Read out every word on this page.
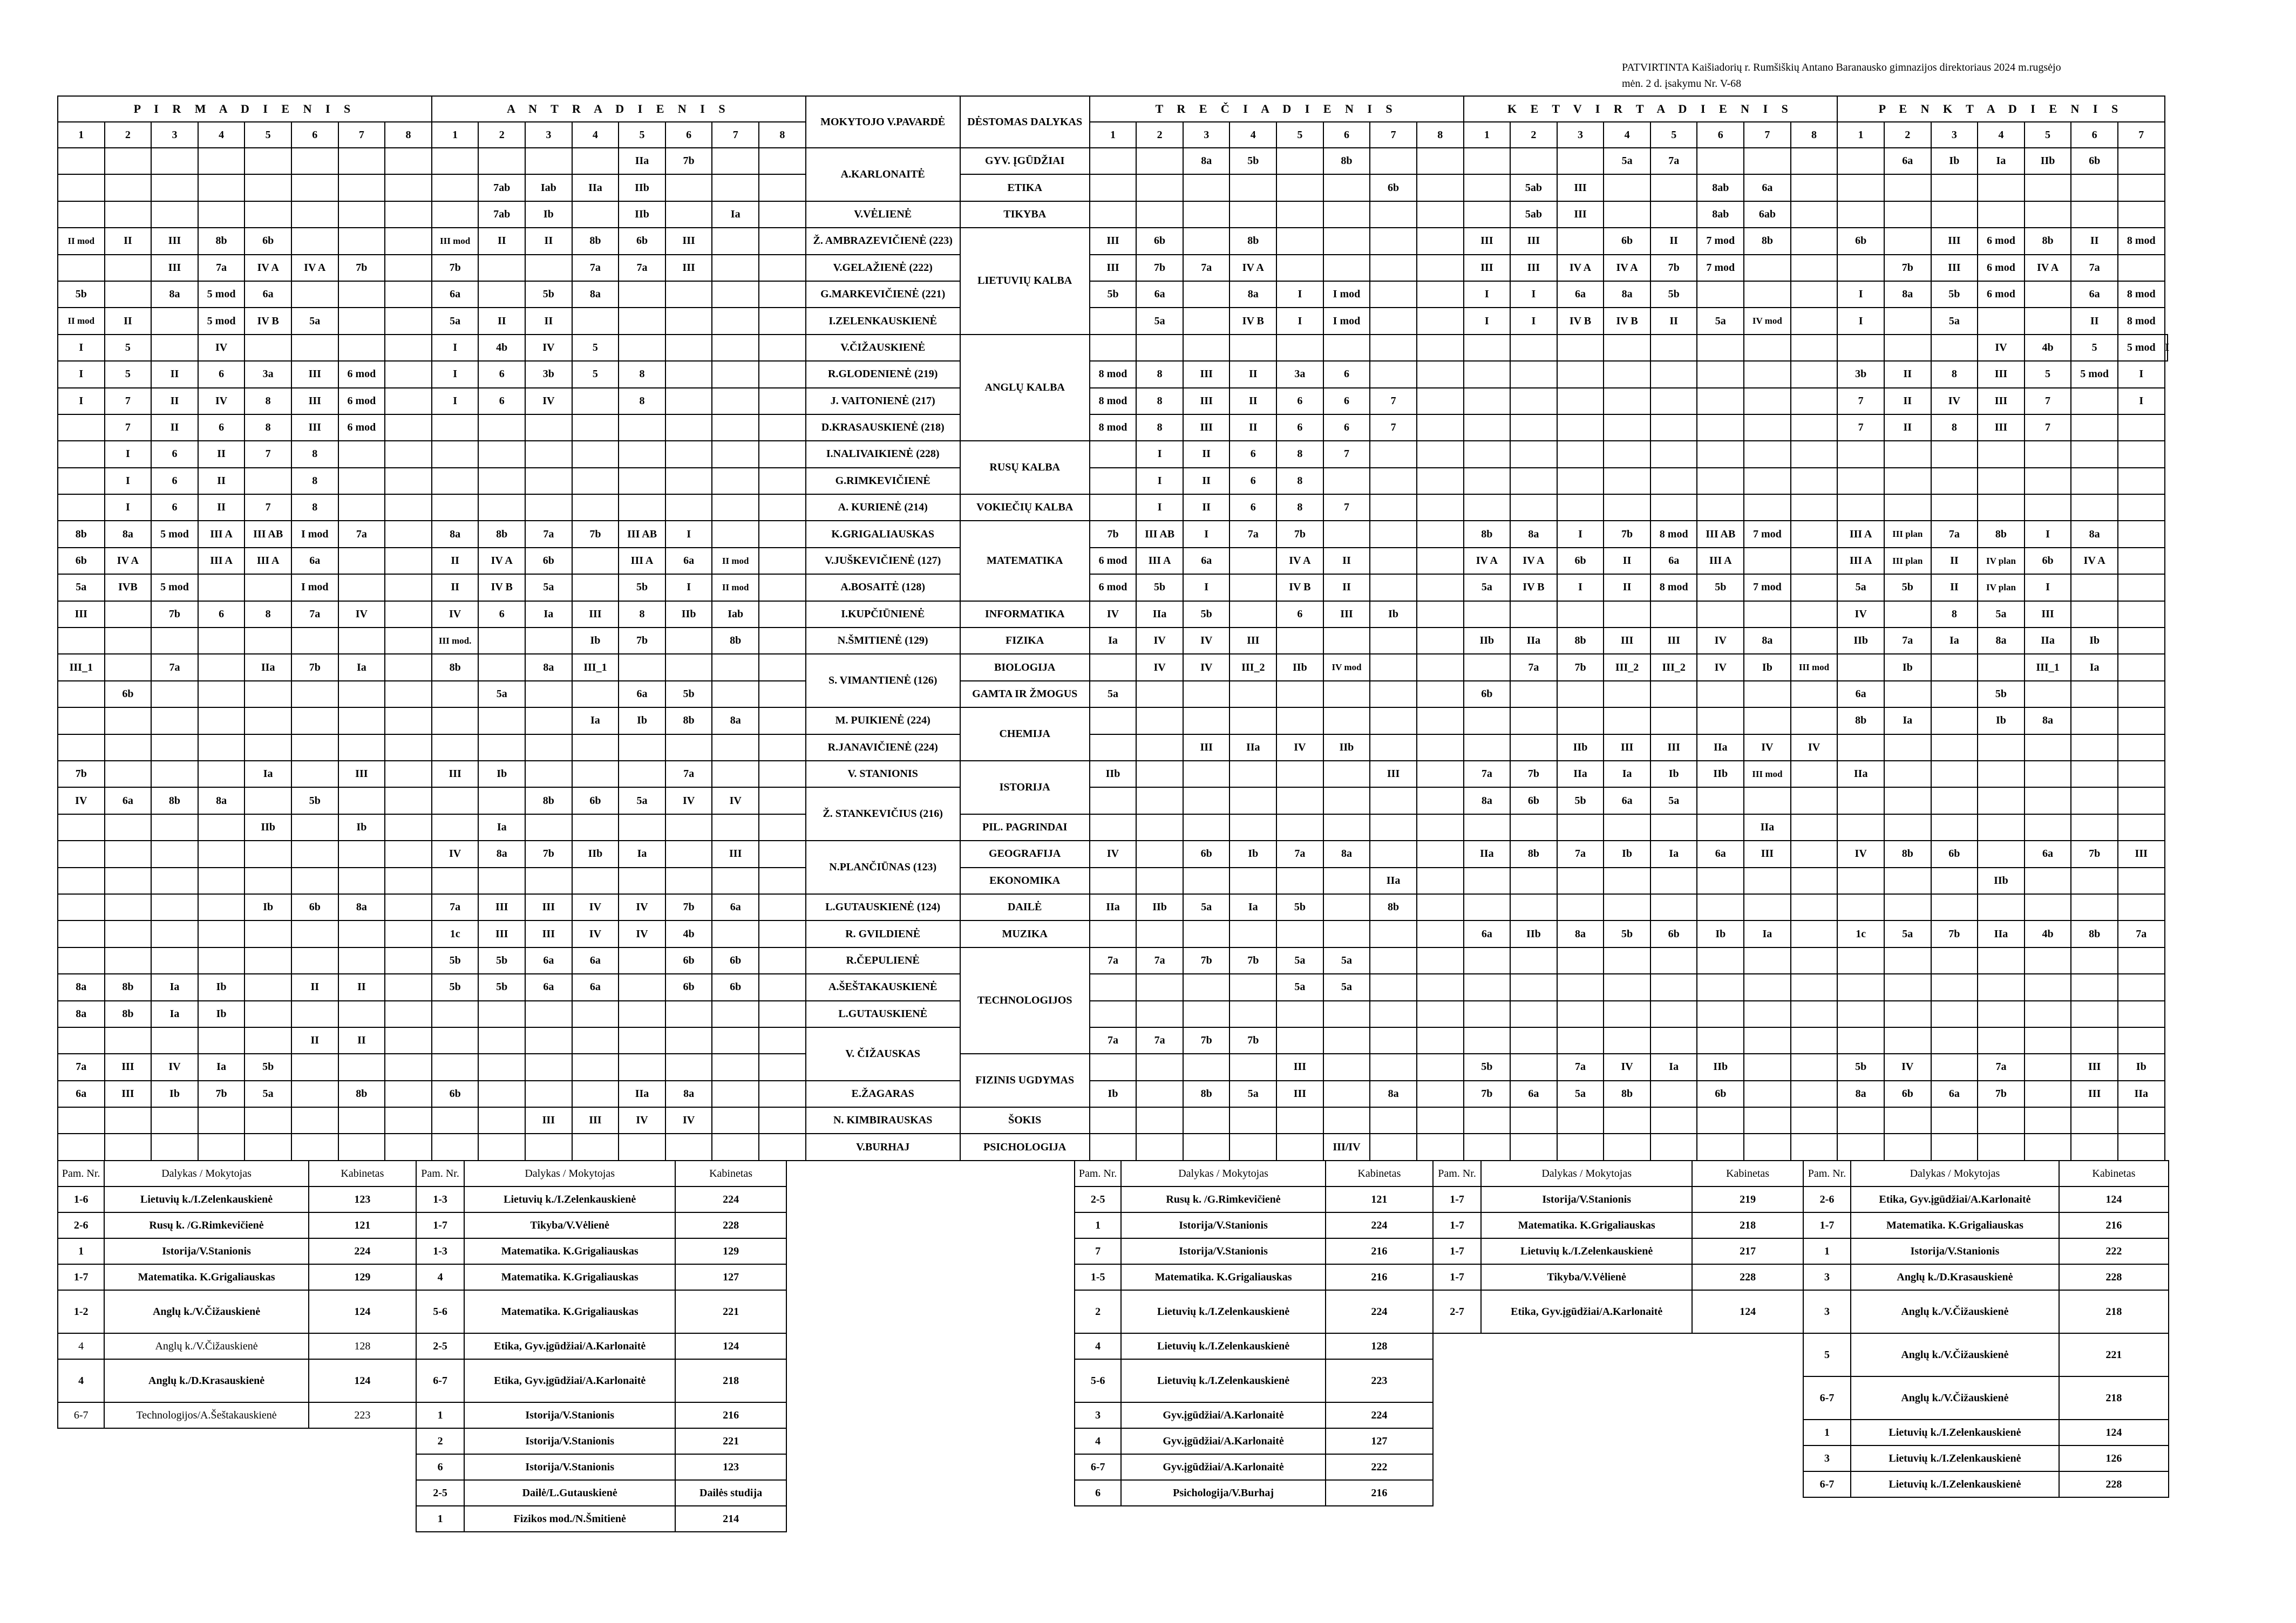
PATVIRTINTA Kaišiadorių r. Rumšiškių Antano Baranausko gimnazijos direktoriaus 2024 m.rugsėjo
mėn. 2 d. įsakymu Nr. V-68
P I R M A D I E N I S								A N T R A D I E N I S								MOKYTOJO V.PAVARDĖ	DĖSTOMAS DALYKAS	T R E Č I A D I E N I S								K E T V I R T A D I E N I S								P E N K T A D I E N I S							
1	2	3	4	5	6	7	8	1	2	3	4	5	6	7	8			1	2	3	4	5	6	7	8	1	2	3	4	5	6	7	8	1	2	3	4	5	6	7	
												IIa	7b			A.KARLONAITĖ	GYV. ĮGŪDŽIAI			8a	5b		8b						5a	7a					6a	Ib	Ia	IIb	6b		
									7ab	Iab	IIa	IIb					ETIKA							6b			5ab	III			8ab	6a									
									7ab	Ib		IIb		Ia		V.VĖLIENĖ	TIKYBA										5ab	III			8ab	6ab									
II mod	II	III	8b	6b				III mod	II	II	8b	6b	III			Ž. AMBRAZEVIČIENĖ (223)	LIETUVIŲ KALBA	III	6b		8b					III	III		6b	II	7 mod	8b		6b		III	6 mod	8b	II	8 mod	
		III	7a	IV A	IV A	7b		7b			7a	7a	III			V.GELAŽIENĖ (222)		III	7b	7a	IV A					III	III	IV A	IV A	7b	7 mod				7b	III	6 mod	IV A	7a		
5b		8a	5 mod	6a				6a		5b	8a					G.MARKEVIČIENĖ (221)		5b	6a		8a	I	I mod			I	I	6a	8a	5b				I	8a	5b	6 mod		6a	8 mod	
II mod	II		5 mod	IV B	5a			5a	II	II						I.ZELENKAUSKIENĖ			5a		IV B	I	I mod			I	I	IV B	IV B	II	5a	IV mod		I		5a			II	8 mod	
I	5		IV					I	4b	IV	5					V.ČIŽAUSKIENĖ	ANGLŲ KALBA																				IV	4b	5	5 mod	I
I	5	II	6	3a	III	6 mod		I	6	3b	5	8				R.GLODENIENĖ (219)		8 mod	8	III	II	3a	6											3b	II	8	III	5	5 mod	I	
I	7	II	IV	8	III	6 mod		I	6	IV		8				J. VAITONIENĖ (217)		8 mod	8	III	II	6	6	7										7	II	IV	III	7		I	
	7	II	6	8	III	6 mod										D.KRASAUSKIENĖ (218)		8 mod	8	III	II	6	6	7										7	II	8	III	7			
	I	6	II	7	8											I.NALIVAIKIENĖ (228)	RUSŲ KALBA		I	II	6	8	7																		
	I	6	II		8											G.RIMKEVIČIENĖ			I	II	6	8																			
	I	6	II	7	8											A. KURIENĖ (214)	VOKIEČIŲ KALBA		I	II	6	8	7																		
8b	8a	5 mod	III A	III AB	I mod	7a		8a	8b	7a	7b	III AB	I			K.GRIGALIAUSKAS	MATEMATIKA	7b	III AB	I	7a	7b				8b	8a	I	7b	8 mod	III AB	7 mod		III A	III plan	7a	8b	I	8a		
6b	IV A		III A	III A	6a			II	IV A	6b		III A	6a	II mod		V.JUŠKEVIČIENĖ (127)		6 mod	III A	6a		IV A	II			IV A	IV A	6b	II	6a	III A			III A	III plan	II	IV plan	6b	IV A		
5a	IVB	5 mod			I mod			II	IV B	5a		5b	I	II mod		A.BOSAITĖ (128)		6 mod	5b	I		IV B	II			5a	IV B	I	II	8 mod	5b	7 mod		5a	5b	II	IV plan	I			
III		7b	6	8	7a	IV		IV	6	Ia	III	8	IIb	Iab		I.KUPČIŪNIENĖ	INFORMATIKA	IV	IIa	5b		6	III	Ib										IV		8	5a	III			
								III mod.			Ib	7b		8b		N.ŠMITIENĖ (129)	FIZIKA	Ia	IV	IV	III					IIb	IIa	8b	III	III	IV	8a		IIb	7a	Ia	8a	IIa	Ib		
III_1		7a		IIa	7b	Ia		8b		8a	III_1					S. VIMANTIENĖ (126)	BIOLOGIJA		IV	IV	III_2	IIb	IV mod				7a	7b	III_2	III_2	IV	Ib	III mod		Ib			III_1	Ia		
	6b								5a			6a	5b				GAMTA IR ŽMOGUS	5a								6b								6a			5b				
											Ia	Ib	8b	8a		M. PUIKIENĖ (224)	CHEMIJA																	8b	Ia		Ib	8a			
																R.JANAVIČIENĖ (224)				III	IIa	IV	IIb					IIb	III	III	IIa	IV	IV								
7b				Ia		III		III	Ib				7a			V. STANIONIS	ISTORIJA	IIb						III		7a	7b	IIa	Ia	Ib	IIb	III mod		IIa							
IV	6a	8b	8a		5b					8b	6b	5a	IV	IV		Ž. STANKEVIČIUS (216)										8a	6b	5b	6a	5a											
				IIb		Ib			Ia								PIL. PAGRINDAI															IIa									
								IV	8a	7b	IIb	Ia		III		N.PLANČIŪNAS (123)	GEOGRAFIJA	IV		6b	Ib	7a	8a			IIa	8b	7a	Ib	Ia	6a	III		IV	8b	6b		6a	7b	III	
																	EKONOMIKA							IIa													IIb				
				Ib	6b	8a		7a	III	III	IV	IV	7b	6a		L.GUTAUSKIENĖ (124)	DAILĖ	IIa	IIb	5a	Ia	5b		8b																	
								1c	III	III	IV	IV	4b			R. GVILDIENĖ	MUZIKA									6a	IIb	8a	5b	6b	Ib	Ia		1c	5a	7b	IIa	4b	8b	7a	
								5b	5b	6a	6a		6b	6b		R.ČEPULIENĖ	TECHNOLOGIJOS	7a	7a	7b	7b	5a	5a																		
8a	8b	Ia	Ib		II	II		5b	5b	6a	6a		6b	6b		A.ŠEŠTAKAUSKIENĖ						5a	5a																		
8a	8b	Ia	Ib													L.GUTAUSKIENĖ																									
					II	II										V. ČIŽAUSKAS		7a	7a	7b	7b																				
7a	III	IV	Ia	5b													FIZINIS UGDYMAS					III				5b		7a	IV	Ia	IIb			5b	IV		7a		III	Ib	
6a	III	Ib	7b	5a		8b		6b				IIa	8a			E.ŽAGARAS		Ib		8b	5a	III		8a		7b	6a	5a	8b		6b			8a	6b	6a	7b		III	IIa	
										III	III	IV	IV			N. KIMBIRAUSKAS	ŠOKIS																								
																V.BURHAJ	PSICHOLOGIJA						III/IV																		
Pam. Nr.	Dalykas / Mokytojas	Kabinetas
1-6	Lietuvių k./I.Zelenkauskienė	123
2-6	Rusų k. /G.Rimkevičienė	121
1	Istorija/V.Stanionis	224
1-7	Matematika. K.Grigaliauskas	129
1-2	Anglų k./V.Čižauskienė	124
4	Anglų k./V.Čižauskienė	128
4	Anglų k./D.Krasauskienė	124
6-7	Technologijos/A.Šeštakauskienė	223
Pam. Nr.	Dalykas / Mokytojas	Kabinetas
1-3	Lietuvių k./I.Zelenkauskienė	224
1-7	Tikyba/V.Vėlienė	228
1-3	Matematika. K.Grigaliauskas	129
4	Matematika. K.Grigaliauskas	127
5-6	Matematika. K.Grigaliauskas	221
2-5	Etika, Gyv.įgūdžiai/A.Karlonaitė	124
6-7	Etika, Gyv.įgūdžiai/A.Karlonaitė	218
1	Istorija/V.Stanionis	216
2	Istorija/V.Stanionis	221
6	Istorija/V.Stanionis	123
2-5	Dailė/L.Gutauskienė	Dailės studija
1	Fizikos mod./N.Šmitienė	214
Pam. Nr.	Dalykas / Mokytojas	Kabinetas
2-5	Rusų k. /G.Rimkevičienė	121
1	Istorija/V.Stanionis	224
7	Istorija/V.Stanionis	216
1-5	Matematika. K.Grigaliauskas	216
2	Lietuvių k./I.Zelenkauskienė	224
4	Lietuvių k./I.Zelenkauskienė	128
5-6	Lietuvių k./I.Zelenkauskienė	223
3	Gyv.įgūdžiai/A.Karlonaitė	224
4	Gyv.įgūdžiai/A.Karlonaitė	127
6-7	Gyv.įgūdžiai/A.Karlonaitė	222
6	Psichologija/V.Burhaj	216
Pam. Nr.	Dalykas / Mokytojas	Kabinetas
1-7	Istorija/V.Stanionis	219
1-7	Matematika. K.Grigaliauskas	218
1-7	Lietuvių k./I.Zelenkauskienė	217
1-7	Tikyba/V.Vėlienė	228
2-7	Etika, Gyv.įgūdžiai/A.Karlonaitė	124
Pam. Nr.	Dalykas / Mokytojas	Kabinetas
2-6	Etika, Gyv.įgūdžiai/A.Karlonaitė	124
1-7	Matematika. K.Grigaliauskas	216
1	Istorija/V.Stanionis	222
3	Anglų k./D.Krasauskienė	228
3	Anglų k./V.Čižauskienė	218
5	Anglų k./V.Čižauskienė	221
6-7	Anglų k./V.Čižauskienė	218
1	Lietuvių k./I.Zelenkauskienė	124
3	Lietuvių k./I.Zelenkauskienė	126
6-7	Lietuvių k./I.Zelenkauskienė	228
